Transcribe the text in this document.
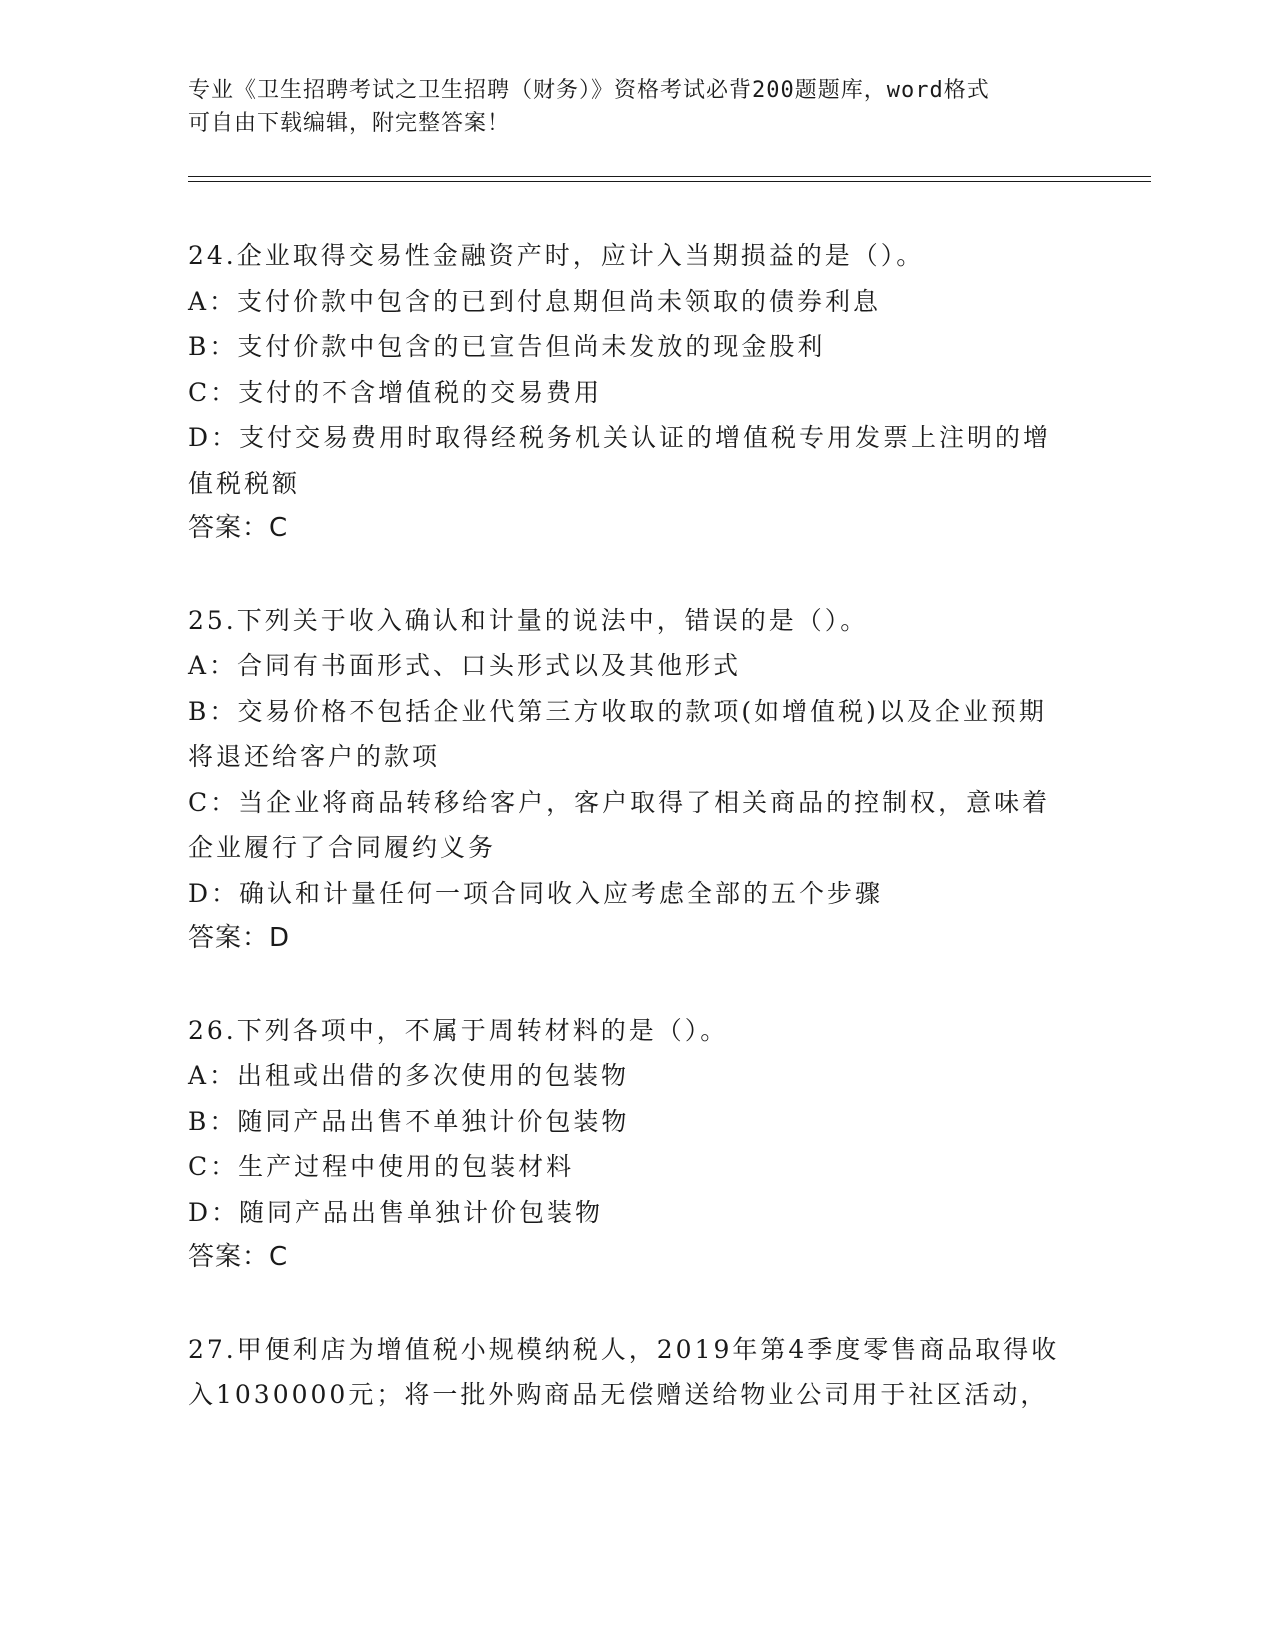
专业《卫生招聘考试之卫生招聘（财务）》资格考试必背200题题库，word格式
可自由下载编辑，附完整答案！
24.企业取得交易性金融资产时，应计入当期损益的是（）。
A：支付价款中包含的已到付息期但尚未领取的债券利息
B：支付价款中包含的已宣告但尚未发放的现金股利
C：支付的不含增值税的交易费用
D：支付交易费用时取得经税务机关认证的增值税专用发票上注明的增
值税税额
答案：C
25.下列关于收入确认和计量的说法中，错误的是（）。
A：合同有书面形式、口头形式以及其他形式
B：交易价格不包括企业代第三方收取的款项(如增值税)以及企业预期
将退还给客户的款项
C：当企业将商品转移给客户，客户取得了相关商品的控制权，意味着
企业履行了合同履约义务
D：确认和计量任何一项合同收入应考虑全部的五个步骤
答案：D
26.下列各项中，不属于周转材料的是（）。
A：出租或出借的多次使用的包装物
B：随同产品出售不单独计价包装物
C：生产过程中使用的包装材料
D：随同产品出售单独计价包装物
答案：C
27.甲便利店为增值税小规模纳税人，2019年第4季度零售商品取得收
入1030000元；将一批外购商品无偿赠送给物业公司用于社区活动，
